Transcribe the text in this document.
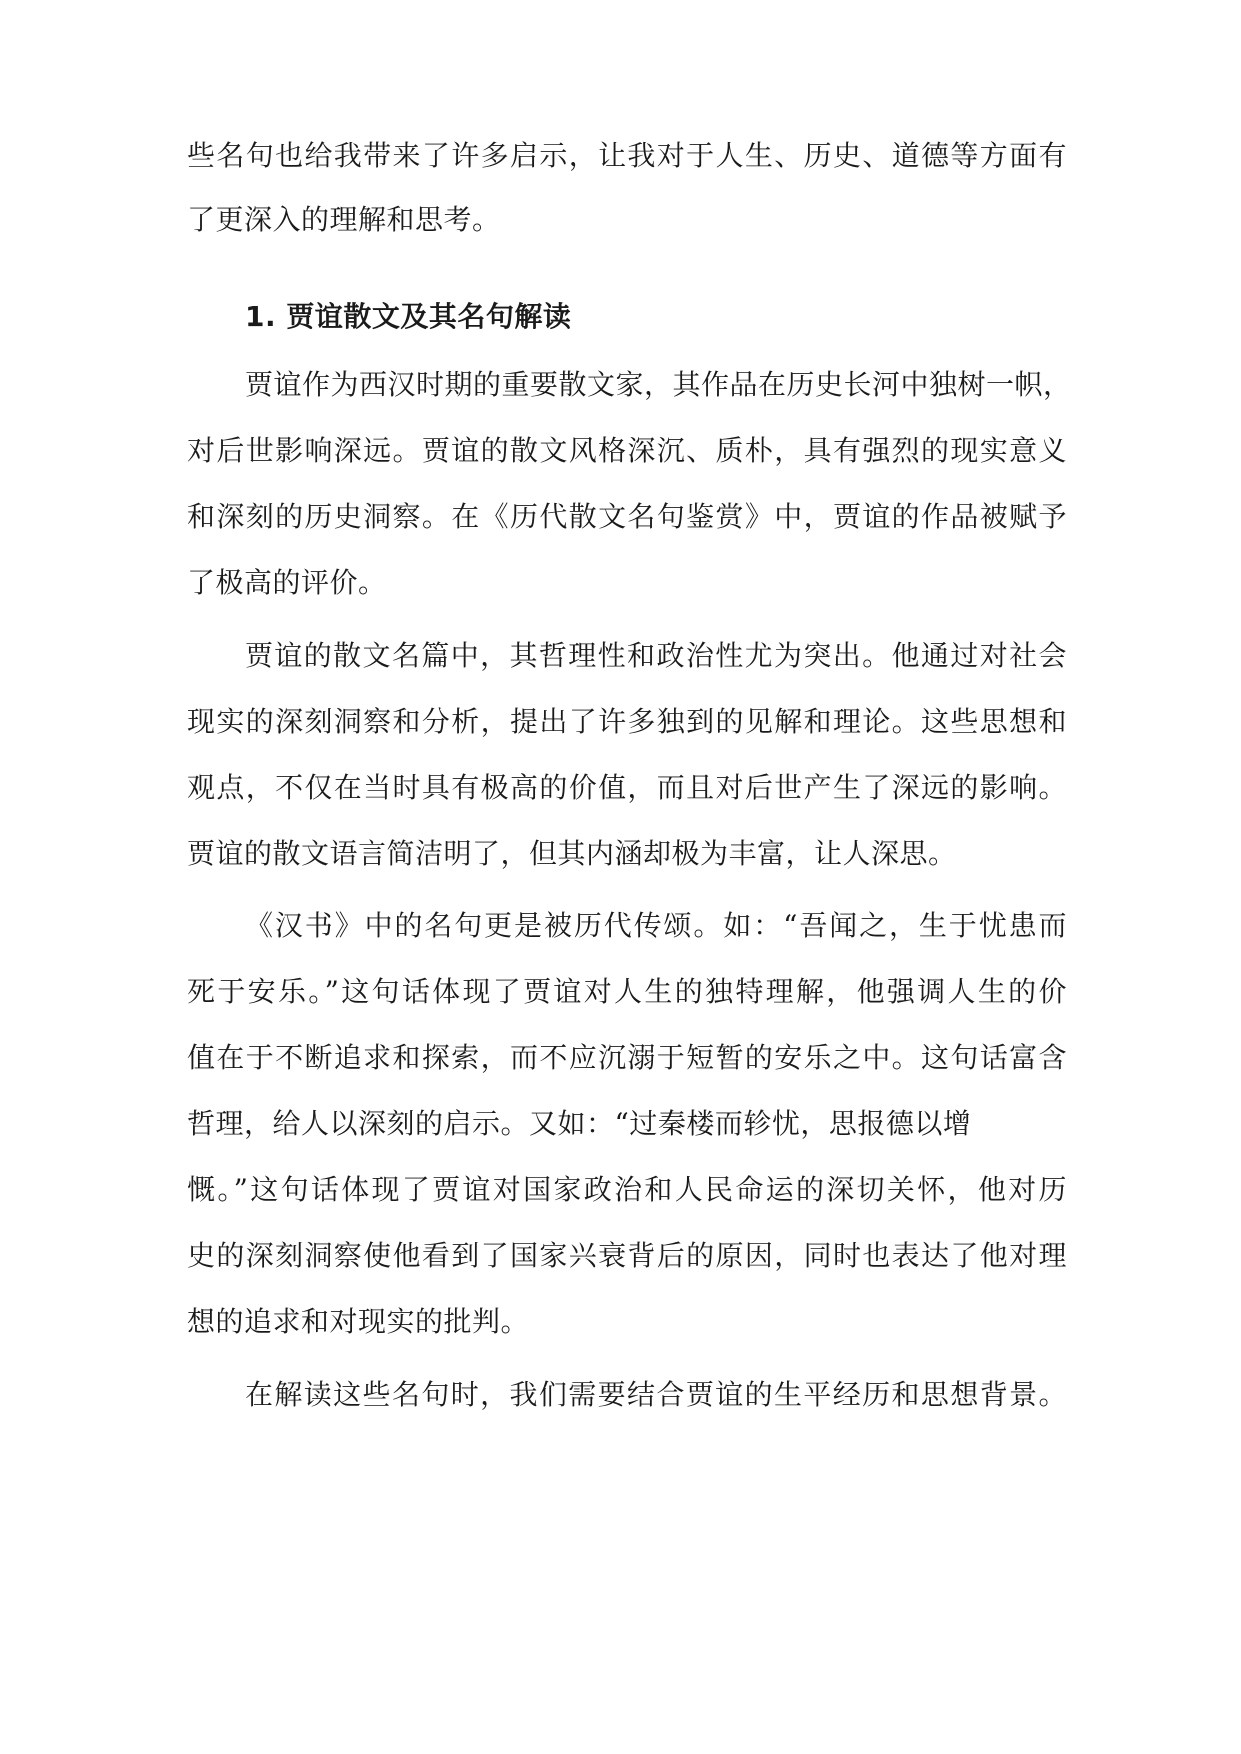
些名句也给我带来了许多启示，让我对于人生、历史、道德等方面有
了更深入的理解和思考。
1. 贾谊散文及其名句解读
贾谊作为西汉时期的重要散文家，其作品在历史长河中独树一帜，
对后世影响深远。贾谊的散文风格深沉、质朴，具有强烈的现实意义
和深刻的历史洞察。在《历代散文名句鉴赏》中，贾谊的作品被赋予
了极高的评价。
贾谊的散文名篇中，其哲理性和政治性尤为突出。他通过对社会
现实的深刻洞察和分析，提出了许多独到的见解和理论。这些思想和
观点，不仅在当时具有极高的价值，而且对后世产生了深远的影响。
贾谊的散文语言简洁明了，但其内涵却极为丰富，让人深思。
《汉书》中的名句更是被历代传颂。如：“吾闻之，生于忧患而
死于安乐。”这句话体现了贾谊对人生的独特理解，他强调人生的价
值在于不断追求和探索，而不应沉溺于短暂的安乐之中。这句话富含
哲理，给人以深刻的启示。又如：“过秦楼而轸忧，思报德以增
慨。”这句话体现了贾谊对国家政治和人民命运的深切关怀，他对历
史的深刻洞察使他看到了国家兴衰背后的原因，同时也表达了他对理
想的追求和对现实的批判。
在解读这些名句时，我们需要结合贾谊的生平经历和思想背景。
